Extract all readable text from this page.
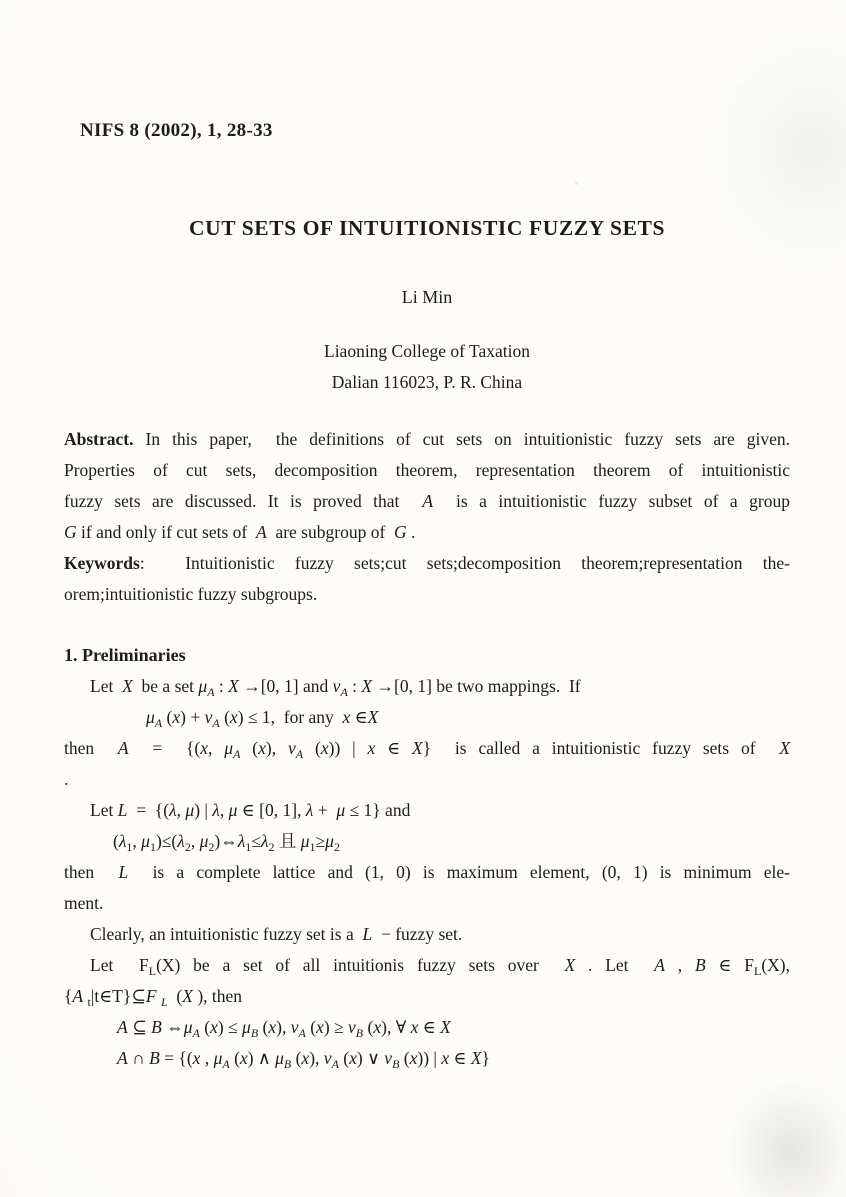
NIFS 8 (2002), 1, 28-33
CUT SETS OF INTUITIONISTIC FUZZY SETS
Li Min
Liaoning College of Taxation
Dalian 116023, P. R. China
Abstract. In this paper,  the definitions of cut sets on intuitionistic fuzzy sets are given.
Properties of cut sets, decomposition theorem, representation theorem of intuitionistic
fuzzy sets are discussed. It is proved that  A  is a intuitionistic fuzzy subset of a group
G if and only if cut sets of  A  are subgroup of  G .
Keywords:  Intuitionistic fuzzy sets;cut sets;decomposition theorem;representation the-
orem;intuitionistic fuzzy subgroups.
1. Preliminaries
Let  X  be a set $\mu_A$ : X →[0, 1] and $\nu_A$ : X →[0, 1] be two mappings.  If
$\mu_A$ $(x) + \nu_A$ (x) ≤ 1,  for any  x ∈X
then  A  =  {(x, $\mu_A$ (x), $\nu_A$ (x)) | x ∈ X}  is called a intuitionistic fuzzy sets of  X
.
Let L  =  {(λ, μ) | λ, μ ∈ [0, 1], λ +  μ ≤ 1} and
($\lambda_1$, $\mu_1)\le(\lambda_2$, $\mu_2)\Leftrightarrow\lambda_1\le\lambda_2$ 且 $\mu_1\ge\mu_2$
then  L  is a complete lattice and (1, 0) is maximum element, (0, 1) is minimum ele-
ment.
Clearly, an intuitionistic fuzzy set is a  L  − fuzzy set.
Let  $F_L(X)$ be a set of all intuitionis fuzzy sets over  X . Let  A , B ∈ $F_L(X)$,
{A $_t$|t∈T}⊆F $_L$  (X ), then
A ⊆ B $\Leftrightarrow\mu_A$ $(x) \le \mu_B$ (x), $\nu_A$ $(x) \ge \nu_B$ (x), ∀ x ∈ X
A ∩ B = {(x , $\mu_A$ (x) ∧ $\mu_B$ (x), $\nu_A$ (x) ∨ $\nu_B$ (x)) | x ∈ X}
